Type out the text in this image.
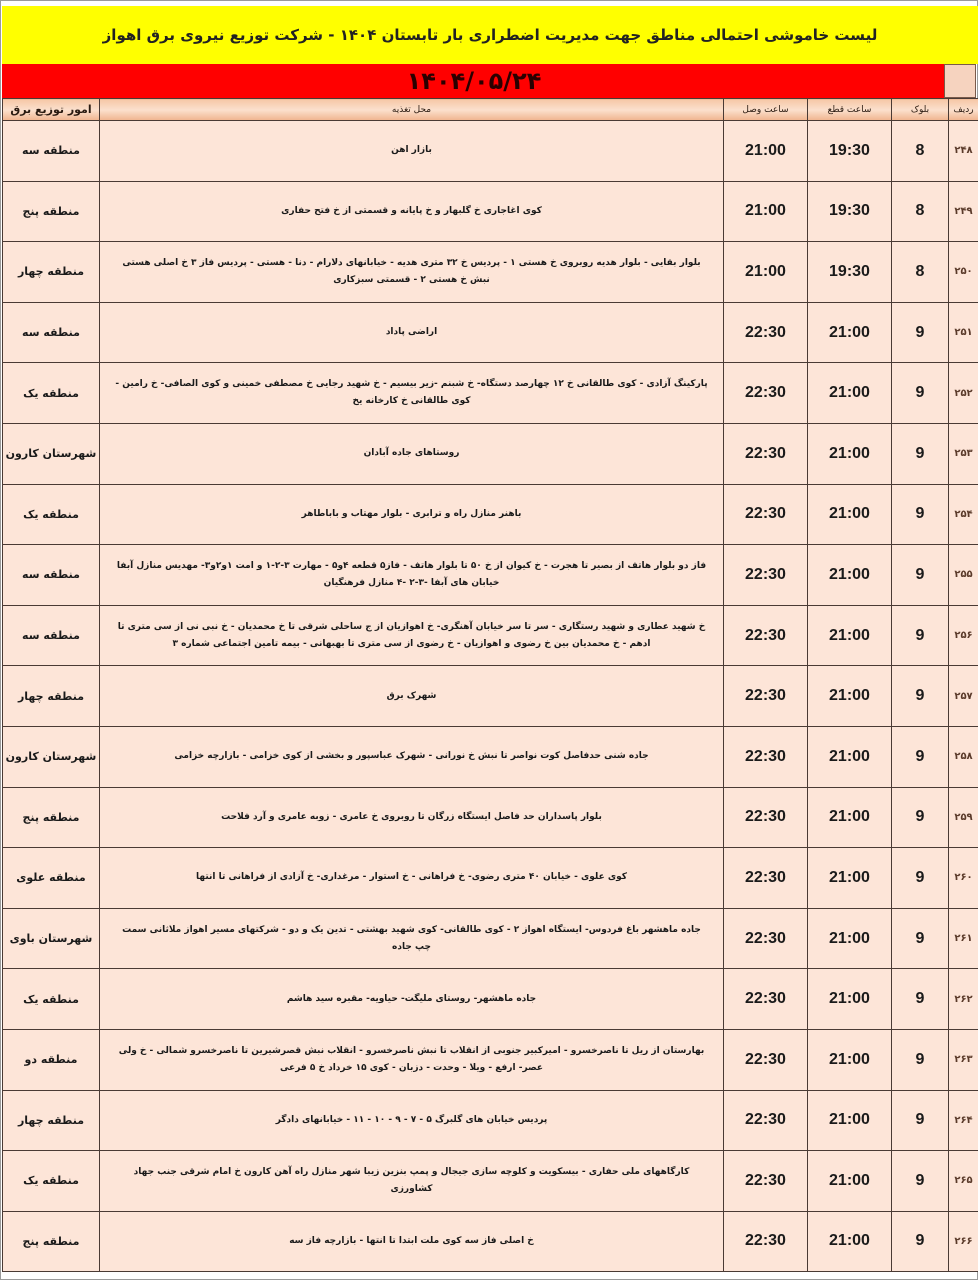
لیست خاموشی احتمالی مناطق جهت مدیریت اضطراری بار تابستان ۱۴۰۴ - شرکت توزیع نیروی برق اهواز
۱۴۰۴/۰۵/۲۴
ردیف	بلوک	ساعت قطع	ساعت وصل	محل تغذیه	امور توزیع برق
۲۴۸	8	19:30	21:00	بازار اهن	منطقه سه
۲۴۹	8	19:30	21:00	کوی اغاجاری خ گلبهار و خ پایانه و قسمتی از خ فتح حفاری	منطقه پنج
۲۵۰	8	19:30	21:00	بلوار بقایی - بلوار هدیه روبروی خ هستی ۱ - پردیس خ ۳۲ متری هدیه - خیابانهای دلارام - دنا - هستی - پردیس فاز ۳ خ اصلی هستی نبش خ هستی ۲ - قسمتی سبزکاری	منطقه چهار
۲۵۱	9	21:00	22:30	اراضی پاداد	منطقه سه
۲۵۲	9	21:00	22:30	پارکینگ آزادی - کوی طالقانی خ ۱۲ چهارصد دستگاه- خ شبنم -زیر بیسیم - خ شهید رجایی خ مصطفی خمینی و کوی الصافی- خ رامین - کوی طالقانی خ کارخانه یخ	منطقه یک
۲۵۳	9	21:00	22:30	روستاهای جاده آبادان	شهرستان کارون
۲۵۴	9	21:00	22:30	باهنر منازل راه و ترابری - بلوار مهتاب و باباطاهر	منطقه یک
۲۵۵	9	21:00	22:30	فاز دو بلوار هاتف از بصیر تا هجرت - خ کیوان از خ ۵۰ تا بلوار هاتف - فاز۵ قطعه ۴و۵ - مهارت ۳-۲-۱ و امت ۱و۲و۳- مهدیس منازل آبفا خیابان های آبفا -۳-۲ -۴ منازل فرهنگیان	منطقه سه
۲۵۶	9	21:00	22:30	خ شهید عطاری و شهید رستگاری - سر تا سر خیابان آهنگری- خ اهوازیان از ج ساحلی شرقی تا خ محمدیان - خ نبی نی از سی متری تا ادهم - خ محمدیان بین خ رضوی و اهوازیان - خ رضوی از سی متری تا بهبهانی - بیمه تامین اجتماعی شماره ۳	منطقه سه
۲۵۷	9	21:00	22:30	شهرک برق	منطقه چهار
۲۵۸	9	21:00	22:30	جاده شنی حدفاصل کوت نواصر تا نبش خ نورانی - شهرک عباسپور و بخشی از کوی خزامی - بازارچه خزامی	شهرستان کارون
۲۵۹	9	21:00	22:30	بلوار پاسداران حد فاصل ایستگاه زرگان تا روبروی خ عامری - زوبه عامری و آرد فلاحت	منطقه پنج
۲۶۰	9	21:00	22:30	کوی علوی - خیابان ۴۰ متری رضوی- خ فراهانی - خ استوار - مرغداری- خ آزادی از فراهانی تا انتها	منطقه علوی
۲۶۱	9	21:00	22:30	جاده ماهشهر باغ فردوس- ایستگاه اهواز ۲ - کوی طالقانی- کوی شهید بهشتی - تدین یک و دو - شرکتهای مسیر اهواز ملاثانی سمت چپ جاده	شهرستان باوی
۲۶۲	9	21:00	22:30	جاده ماهشهر- روستای ملیگت- حیاویه- مقبره سید هاشم	منطقه یک
۲۶۳	9	21:00	22:30	بهارستان از ریل تا ناصرخسرو - امیرکبیر جنوبی از انقلاب تا نبش ناصرخسرو - انقلاب نبش قصرشیرین تا ناصرخسرو شمالی - خ ولی عصر- ارفع - ویلا - وحدت - دزبان - کوی ۱۵ خرداد خ ۵ فرعی	منطقه دو
۲۶۴	9	21:00	22:30	پردیس خیابان های گلبرگ ۵ - ۷ - ۹ - ۱۰ - ۱۱ - خیابانهای دادگر	منطقه چهار
۲۶۵	9	21:00	22:30	کارگاههای ملی حفاری - بیسکویت و کلوچه سازی جیجال و پمپ بنزین زیبا شهر منازل راه آهن کارون خ امام شرقی جنب جهاد کشاورزی	منطقه یک
۲۶۶	9	21:00	22:30	خ اصلی فاز سه کوی ملت ابتدا تا انتها - بازارچه فاز سه	منطقه پنج
